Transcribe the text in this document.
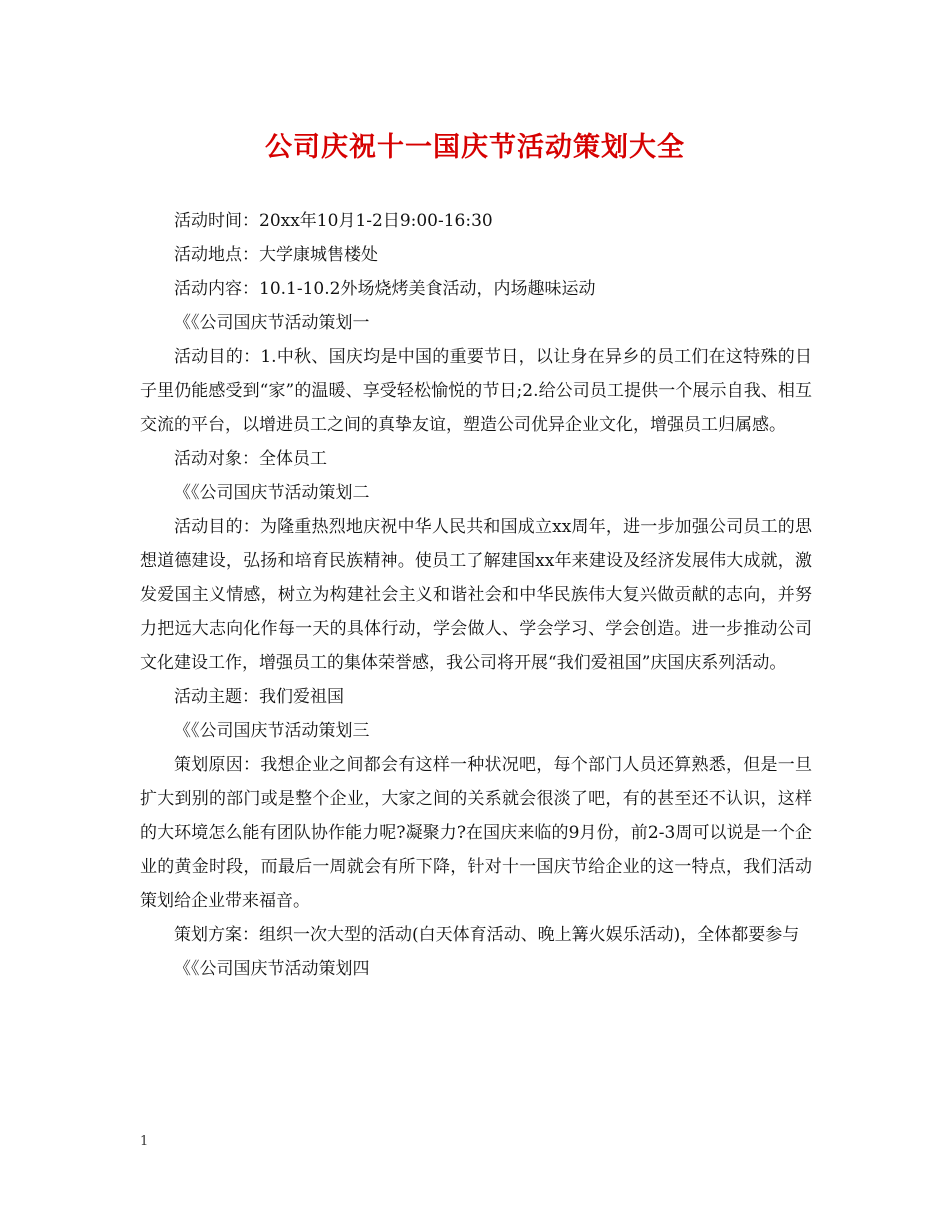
公司庆祝十一国庆节活动策划大全

活动时间：20xx年10月1-2日9:00-16:30

活动地点：大学康城售楼处

活动内容：10.1-10.2外场烧烤美食活动，内场趣味运动

《《公司国庆节活动策划一

活动目的：1.中秋、国庆均是中国的重要节日，以让身在异乡的员工们在这特殊的日子里仍能感受到“家”的温暖、享受轻松愉悦的节日;2.给公司员工提供一个展示自我、相互交流的平台，以增进员工之间的真挚友谊，塑造公司优异企业文化，增强员工归属感。

活动对象：全体员工

《《公司国庆节活动策划二

活动目的：为隆重热烈地庆祝中华人民共和国成立xx周年，进一步加强公司员工的思想道德建设，弘扬和培育民族精神。使员工了解建国xx年来建设及经济发展伟大成就，激发爱国主义情感，树立为构建社会主义和谐社会和中华民族伟大复兴做贡献的志向，并努力把远大志向化作每一天的具体行动，学会做人、学会学习、学会创造。进一步推动公司文化建设工作，增强员工的集体荣誉感，我公司将开展“我们爱祖国”庆国庆系列活动。

活动主题：我们爱祖国

《《公司国庆节活动策划三

策划原因：我想企业之间都会有这样一种状况吧，每个部门人员还算熟悉，但是一旦扩大到别的部门或是整个企业，大家之间的关系就会很淡了吧，有的甚至还不认识，这样的大环境怎么能有团队协作能力呢?凝聚力?在国庆来临的9月份，前2-3周可以说是一个企业的黄金时段，而最后一周就会有所下降，针对十一国庆节给企业的这一特点，我们活动策划给企业带来福音。

策划方案：组织一次大型的活动(白天体育活动、晚上篝火娱乐活动)，全体都要参与

《《公司国庆节活动策划四

1
